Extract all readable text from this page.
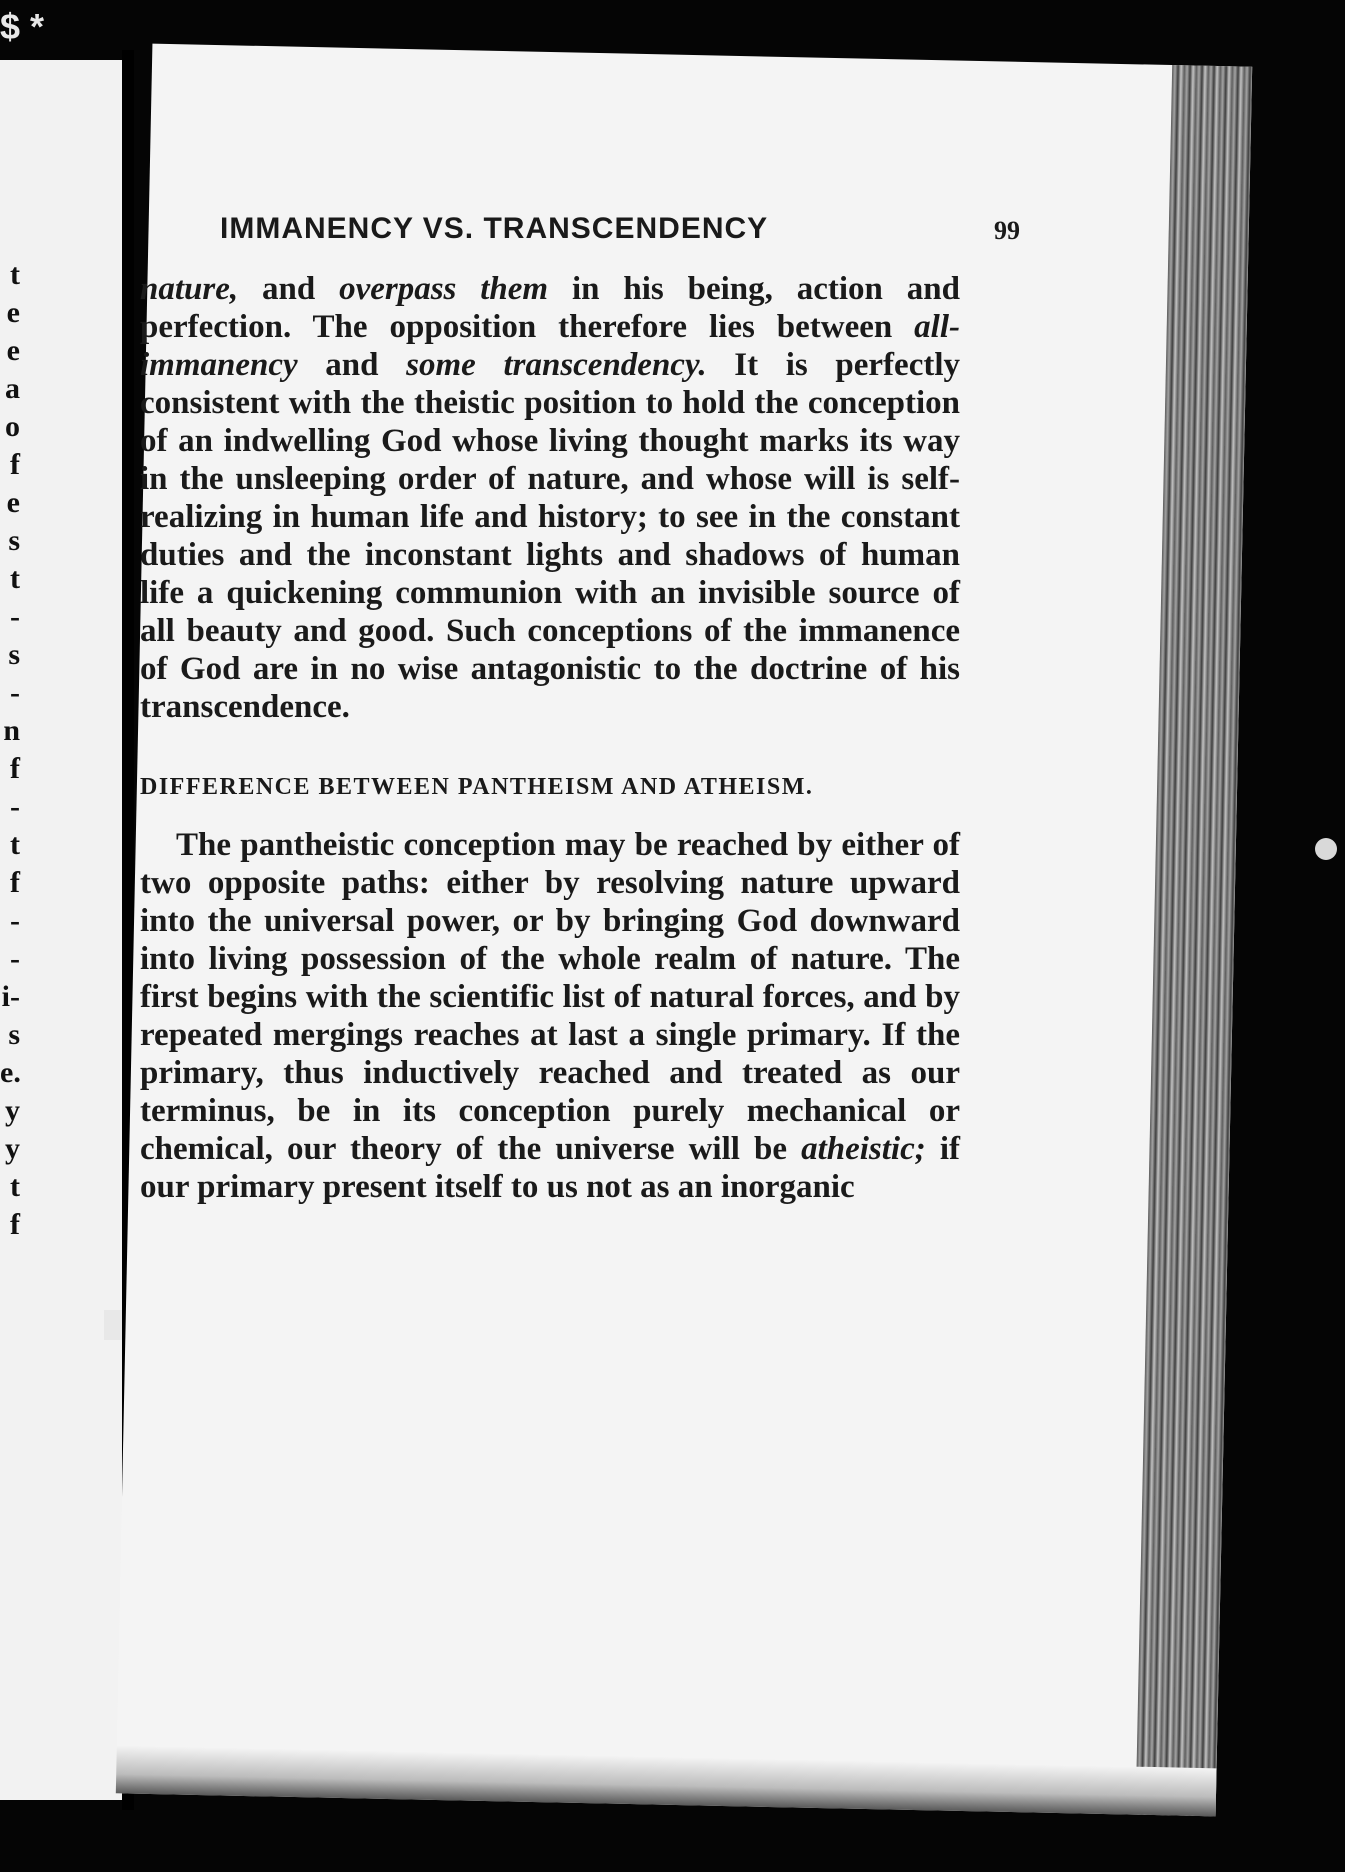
$ *
t
e
e
a
o
f
e
s
t
-
s
-
n
f
-
t
f
-
-
i-
s
e.
y
y
t
f
IMMANENCY VS. TRANSCENDENCY	99

nature, and overpass them in his being, action and perfection. The opposition therefore lies between all-immanency and some transcendency. It is perfectly consistent with the theistic position to hold the conception of an indwelling God whose living thought marks its way in the unsleeping order of nature, and whose will is self-realizing in human life and history; to see in the constant duties and the inconstant lights and shadows of human life a quickening communion with an invisible source of all beauty and good. Such conceptions of the immanence of God are in no wise antagonistic to the doctrine of his transcendence.

DIFFERENCE BETWEEN PANTHEISM AND ATHEISM.

The pantheistic conception may be reached by either of two opposite paths: either by resolving nature upward into the universal power, or by bringing God downward into living possession of the whole realm of nature. The first begins with the scientific list of natural forces, and by repeated mergings reaches at last a single primary. If the primary, thus inductively reached and treated as our terminus, be in its conception purely mechanical or chemical, our theory of the universe will be atheistic; if our primary present itself to us not as an inorganic
